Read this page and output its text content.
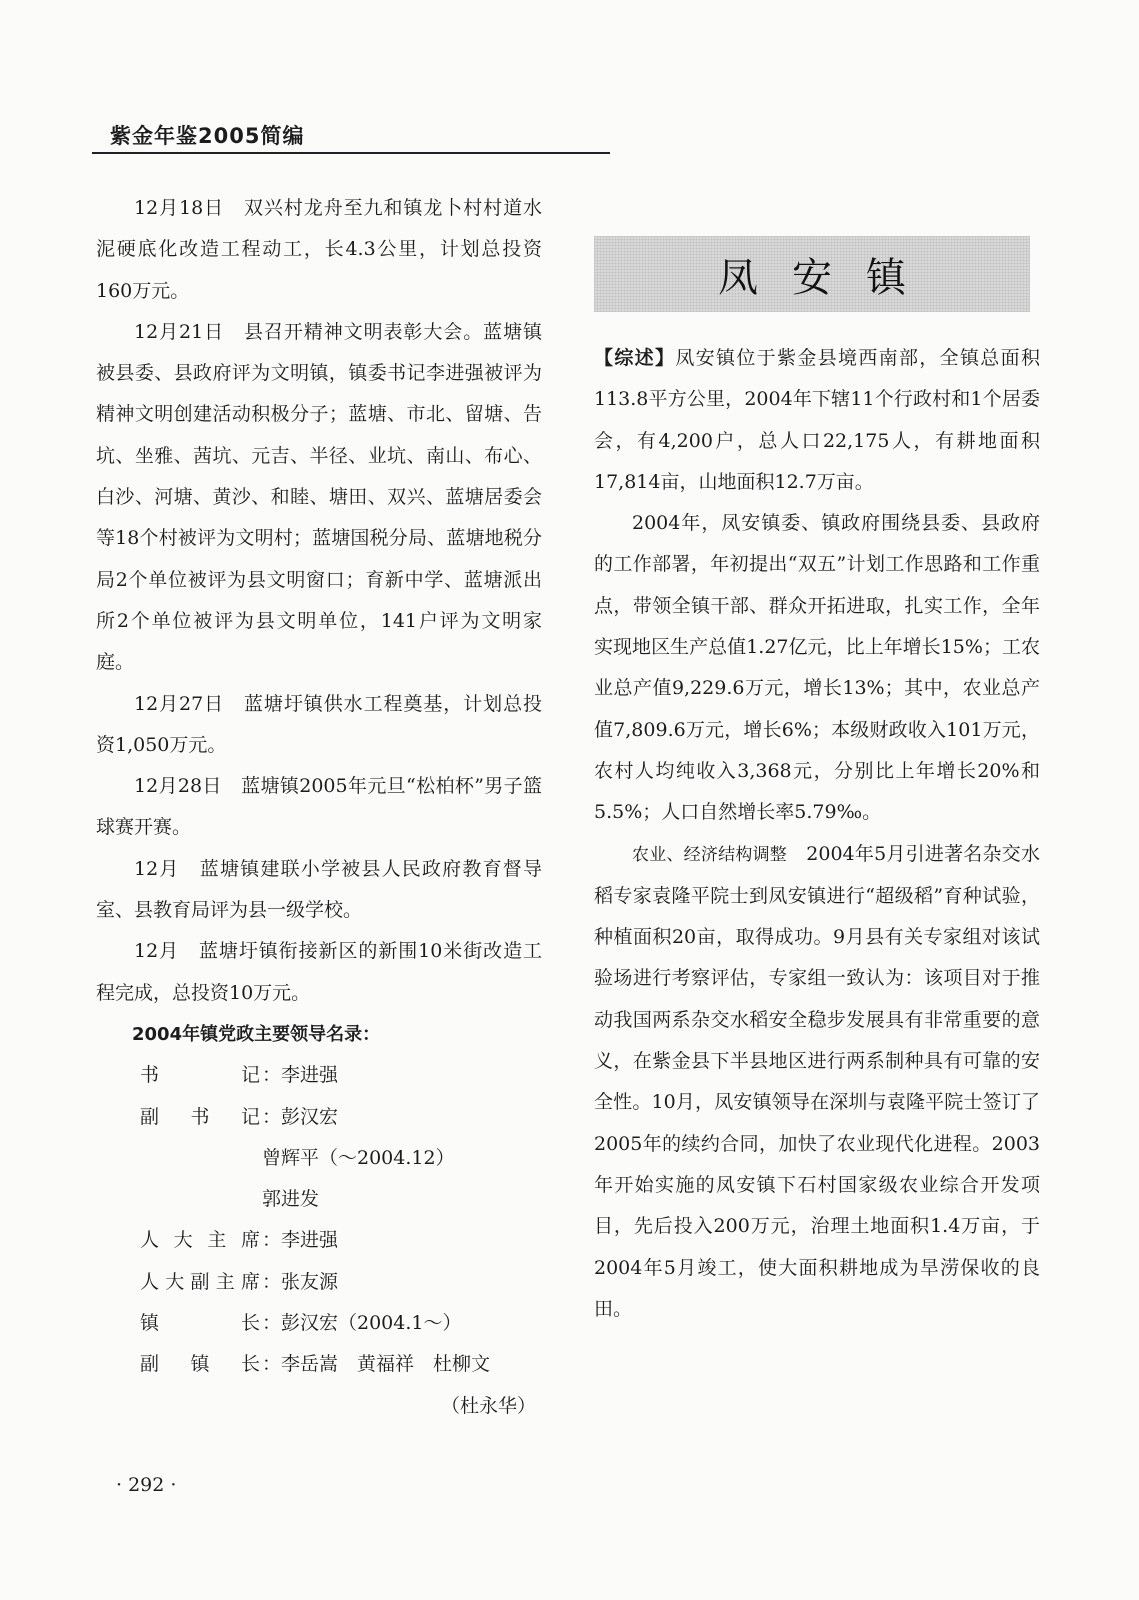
紫金年鉴2005简编

12月18日　双兴村龙舟至九和镇龙卜村村道水泥硬底化改造工程动工，长4.3公里，计划总投资160万元。

12月21日　县召开精神文明表彰大会。蓝塘镇被县委、县政府评为文明镇，镇委书记李进强被评为精神文明创建活动积极分子；蓝塘、市北、留塘、告坑、坐雅、茜坑、元吉、半径、业坑、南山、布心、白沙、河塘、黄沙、和睦、塘田、双兴、蓝塘居委会等18个村被评为文明村；蓝塘国税分局、蓝塘地税分局2个单位被评为县文明窗口；育新中学、蓝塘派出所2个单位被评为县文明单位，141户评为文明家庭。

12月27日　蓝塘圩镇供水工程奠基，计划总投资1,050万元。

12月28日　蓝塘镇2005年元旦“松柏杯”男子篮球赛开赛。

12月　蓝塘镇建联小学被县人民政府教育督导室、县教育局评为县一级学校。

12月　蓝塘圩镇衔接新区的新围10米街改造工程完成，总投资10万元。

2004年镇党政主要领导名录：

书记 ：李进强
副书记 ：彭汉宏
曾辉平（～2004.12）
郭进发
人大主席 ：李进强
人大副主席 ：张友源
镇长 ：彭汉宏（2004.1～）
副镇长 ：李岳嵩　黄福祥　杜柳文
（杜永华）
凤安镇

【综述】凤安镇位于紫金县境西南部，全镇总面积113.8平方公里，2004年下辖11个行政村和1个居委会，有4,200户，总人口22,175人，有耕地面积17,814亩，山地面积12.7万亩。

2004年，凤安镇委、镇政府围绕县委、县政府的工作部署，年初提出“双五”计划工作思路和工作重点，带领全镇干部、群众开拓进取，扎实工作，全年实现地区生产总值1.27亿元，比上年增长15%；工农业总产值9,229.6万元，增长13%；其中，农业总产值7,809.6万元，增长6%；本级财政收入101万元，农村人均纯收入3,368元，分别比上年增长20%和5.5%；人口自然增长率5.79‰。

农业、经济结构调整　 2004年5月引进著名杂交水稻专家袁隆平院士到凤安镇进行“超级稻”育种试验，种植面积20亩，取得成功。9月县有关专家组对该试验场进行考察评估，专家组一致认为：该项目对于推动我国两系杂交水稻安全稳步发展具有非常重要的意义，在紫金县下半县地区进行两系制种具有可靠的安全性。10月，凤安镇领导在深圳与袁隆平院士签订了2005年的续约合同，加快了农业现代化进程。2003年开始实施的凤安镇下石村国家级农业综合开发项目，先后投入200万元，治理土地面积1.4万亩，于2004年5月竣工，使大面积耕地成为旱涝保收的良田。

· 292 ·
